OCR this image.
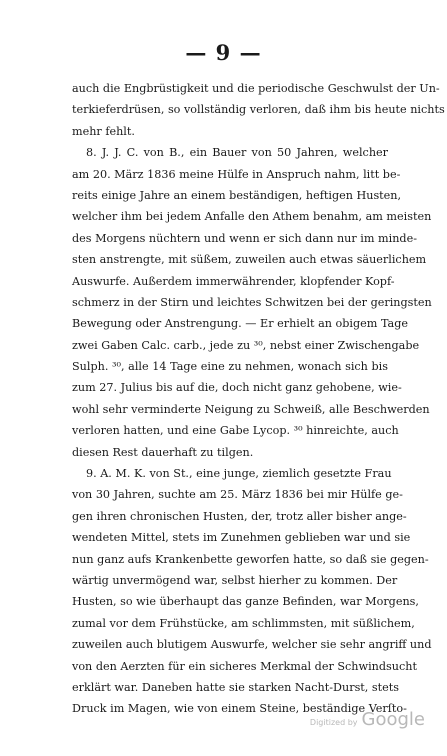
— 9 —
auch die Engbrüstigkeit und die periodische Geschwulst der Un-
terkieferdrüsen, so vollständig verloren, daß ihm bis heute nichts
mehr fehlt.
8. J. J. C. von B., ein Bauer von 50 Jahren, welcher
am 20. März 1836 meine Hülfe in Anspruch nahm, litt be-
reits einige Jahre an einem beständigen, heftigen Husten,
welcher ihm bei jedem Anfalle den Athem benahm, am meisten
des Morgens nüchtern und wenn er sich dann nur im minde-
sten anstrengte, mit süßem, zuweilen auch etwas säuerlichem
Auswurfe. Außerdem immerwährender, klopfender Kopf-
schmerz in der Stirn und leichtes Schwitzen bei der geringsten
Bewegung oder Anstrengung. — Er erhielt an obigem Tage
zwei Gaben Calc. carb., jede zu ³⁰, nebst einer Zwischengabe
Sulph. ³⁰, alle 14 Tage eine zu nehmen, wonach sich bis
zum 27. Julius bis auf die, doch nicht ganz gehobene, wie-
wohl sehr verminderte Neigung zu Schweiß, alle Beschwerden
verloren hatten, und eine Gabe Lycop. ³⁰ hinreichte, auch
diesen Rest dauerhaft zu tilgen.
9. A. M. K. von St., eine junge, ziemlich gesetzte Frau
von 30 Jahren, suchte am 25. März 1836 bei mir Hülfe ge-
gen ihren chronischen Husten, der, trotz aller bisher ange-
wendeten Mittel, stets im Zunehmen geblieben war und sie
nun ganz aufs Krankenbette geworfen hatte, so daß sie gegen-
wärtig unvermögend war, selbst hierher zu kommen. Der
Husten, so wie überhaupt das ganze Befinden, war Morgens,
zumal vor dem Frühstücke, am schlimmsten, mit süßlichem,
zuweilen auch blutigem Auswurfe, welcher sie sehr angriff und
von den Aerzten für ein sicheres Merkmal der Schwindsucht
erklärt war. Daneben hatte sie starken Nacht-Durst, stets
Druck im Magen, wie von einem Steine, beständige Verſto-
Digitized by Google
